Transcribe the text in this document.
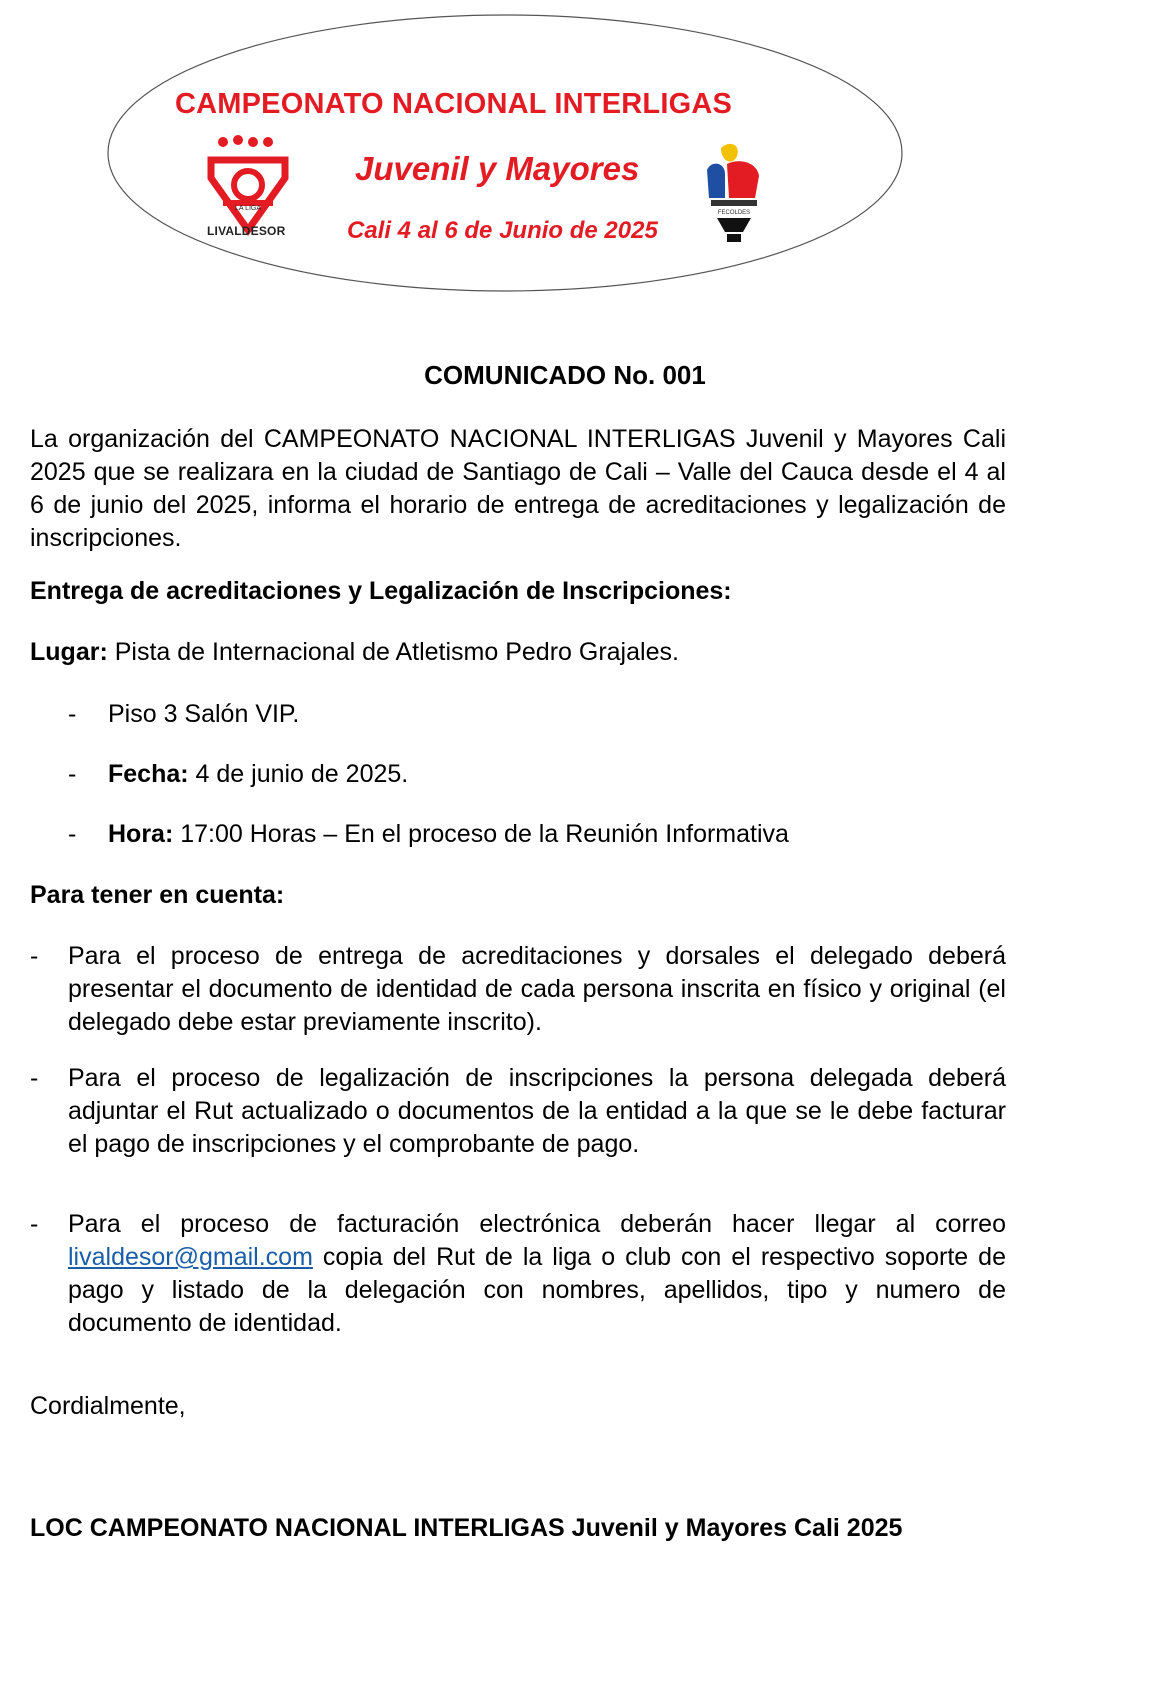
CAMPEONATO NACIONAL INTERLIGAS
Juvenil y Mayores
Cali 4 al 6 de Junio de 2025
LA LIGA
LIVALDESOR
FECOLDES
COMUNICADO No. 001
La organización del CAMPEONATO NACIONAL INTERLIGAS Juvenil y Mayores Cali 2025 que se realizara en la ciudad de Santiago de Cali – Valle del Cauca desde el 4 al 6 de junio del 2025, informa el horario de entrega de acreditaciones y legalización de inscripciones.
Entrega de acreditaciones y Legalización de Inscripciones:
Lugar: Pista de Internacional de Atletismo Pedro Grajales.
- Piso 3 Salón VIP.
- Fecha: 4 de junio de 2025.
- Hora: 17:00 Horas – En el proceso de la Reunión Informativa
Para tener en cuenta:
- Para el proceso de entrega de acreditaciones y dorsales el delegado deberá presentar el documento de identidad de cada persona inscrita en físico y original (el delegado debe estar previamente inscrito).
- Para el proceso de legalización de inscripciones la persona delegada deberá adjuntar el Rut actualizado o documentos de la entidad a la que se le debe facturar el pago de inscripciones y el comprobante de pago.
- Para el proceso de facturación electrónica deberán hacer llegar al correo livaldesor@gmail.com copia del Rut de la liga o club con el respectivo soporte de pago y listado de la delegación con nombres, apellidos, tipo y numero de documento de identidad.
Cordialmente,
LOC CAMPEONATO NACIONAL INTERLIGAS Juvenil y Mayores Cali 2025
